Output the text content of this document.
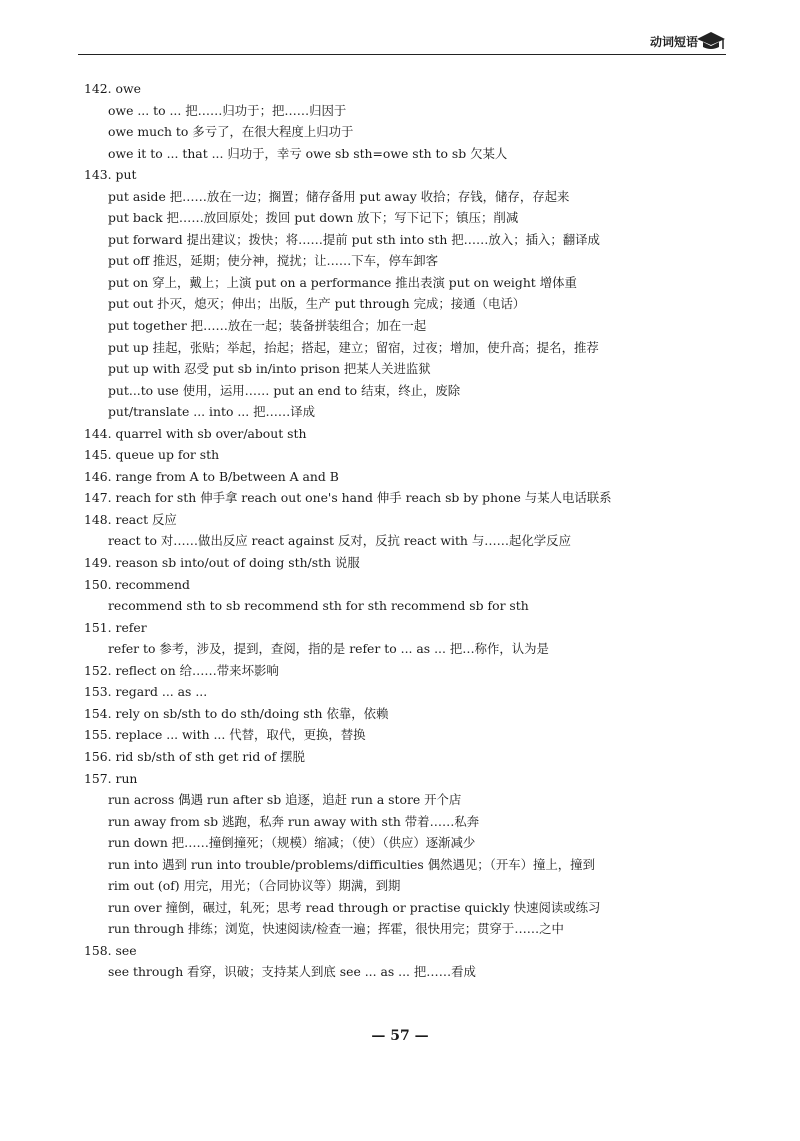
动词短语
142. owe
owe ... to ... 把……归功于；把……归因于
owe much to 多亏了，在很大程度上归功于
owe it to ... that ... 归功于，幸亏 owe sb sth=owe sth to sb 欠某人
143. put
put aside 把……放在一边；搁置；储存备用 put away 收拾；存钱，储存，存起来
put back 把……放回原处；拨回 put down 放下；写下记下；镇压；削减
put forward 提出建议；拨快；将……提前 put sth into sth 把……放入；插入；翻译成
put off 推迟，延期；使分神，搅扰；让……下车，停车卸客
put on 穿上，戴上；上演 put on a performance 推出表演 put on weight 增体重
put out 扑灭，熄灭；伸出；出版，生产 put through 完成；接通（电话）
put together 把……放在一起；装备拼装组合；加在一起
put up 挂起，张贴；举起，抬起；搭起，建立；留宿，过夜；增加，使升高；提名，推荐
put up with 忍受 put sb in/into prison 把某人关进监狱
put...to use 使用，运用…… put an end to 结束，终止，废除
put/translate ... into ... 把……译成
144. quarrel with sb over/about sth
145. queue up for sth
146. range from A to B/between A and B
147. reach for sth 伸手拿 reach out one's hand 伸手 reach sb by phone 与某人电话联系
148. react 反应
react to 对……做出反应 react against 反对，反抗 react with 与……起化学反应
149. reason sb into/out of doing sth/sth 说服
150. recommend
recommend sth to sb recommend sth for sth recommend sb for sth
151. refer
refer to 参考，涉及，提到，查阅，指的是 refer to ... as ... 把…称作，认为是
152. reflect on 给……带来坏影响
153. regard ... as ...
154. rely on sb/sth to do sth/doing sth 依靠，依赖
155. replace ... with ... 代替，取代，更换，替换
156. rid sb/sth of sth get rid of 摆脱
157. run
run across 偶遇 run after sb 追逐，追赶 run a store 开个店
run away from sb 逃跑，私奔 run away with sth 带着……私奔
run down 把……撞倒撞死；（规模）缩减；（使）（供应）逐渐减少
run into 遇到 run into trouble/problems/difficulties 偶然遇见；（开车）撞上，撞到
rim out (of) 用完，用光；（合同协议等）期满，到期
run over 撞倒，碾过，轧死；思考 read through or practise quickly 快速阅读或练习
run through 排练；浏览，快速阅读/检查一遍；挥霍，很快用完；贯穿于……之中
158. see
see through 看穿，识破；支持某人到底 see ... as ... 把……看成
— 57 —
